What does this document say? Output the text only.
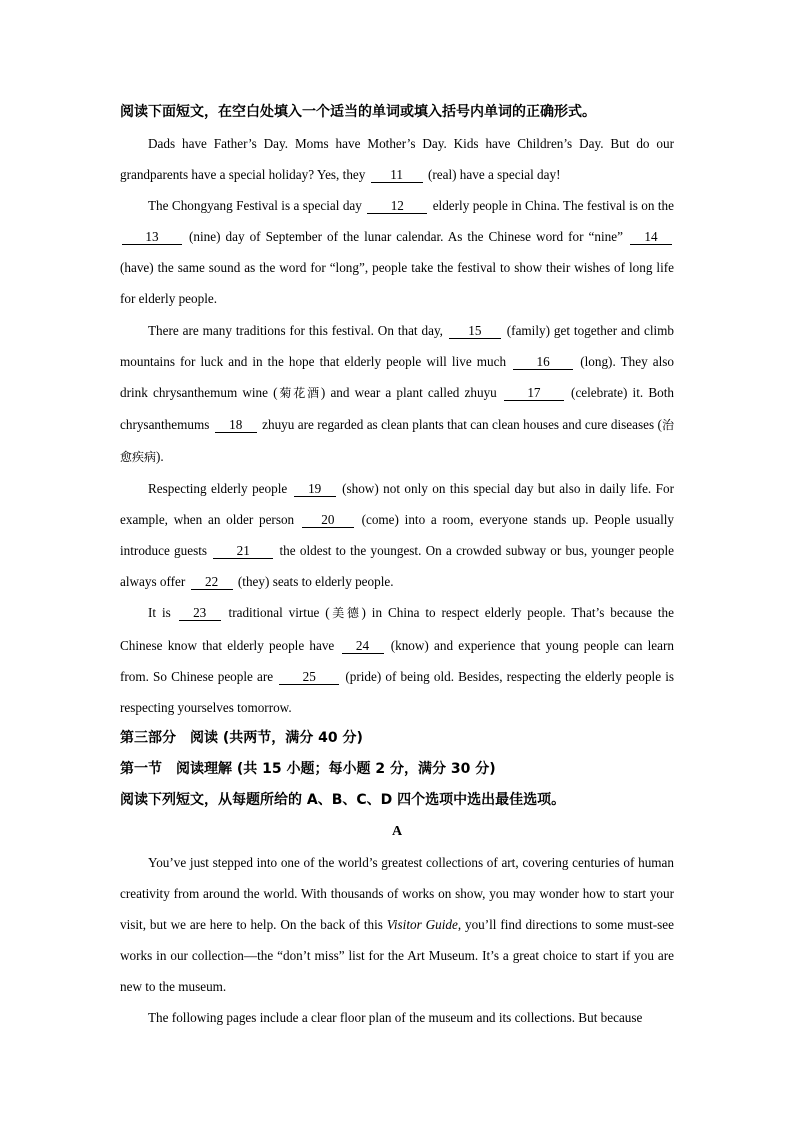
阅读下面短文，在空白处填入一个适当的单词或填入括号内单词的正确形式。

Dads have Father’s Day. Moms have Mother’s Day. Kids have Children’s Day. But do our grandparents have a special holiday? Yes, they 11 (real) have a special day!

The Chongyang Festival is a special day 12 elderly people in China. The festival is on the 13 (nine) day of September of the lunar calendar. As the Chinese word for “nine” 14 (have) the same sound as the word for “long”, people take the festival to show their wishes of long life for elderly people.

There are many traditions for this festival. On that day, 15 (family) get together and climb mountains for luck and in the hope that elderly people will live much 16 (long). They also drink chrysanthemum wine (菊花酒) and wear a plant called zhuyu 17 (celebrate) it. Both chrysanthemums 18 zhuyu are regarded as clean plants that can clean houses and cure diseases (治愈疾病).

Respecting elderly people 19 (show) not only on this special day but also in daily life. For example, when an older person 20 (come) into a room, everyone stands up. People usually introduce guests 21 the oldest to the youngest. On a crowded subway or bus, younger people always offer 22 (they) seats to elderly people.

It is 23 traditional virtue (美德) in China to respect elderly people. That’s because the Chinese know that elderly people have 24 (know) and experience that young people can learn from. So Chinese people are 25 (pride) of being old. Besides, respecting the elderly people is respecting yourselves tomorrow.

第三部分　阅读 (共两节，满分 40 分)

第一节　阅读理解 (共 15 小题；每小题 2 分，满分 30 分)

阅读下列短文，从每题所给的 A、B、C、D 四个选项中选出最佳选项。

A

You’ve just stepped into one of the world’s greatest collections of art, covering centuries of human creativity from around the world. With thousands of works on show, you may wonder how to start your visit, but we are here to help. On the back of this Visitor Guide, you’ll find directions to some must-see works in our collection—the “don’t miss” list for the Art Museum. It’s a great choice to start if you are new to the museum.

The following pages include a clear floor plan of the museum and its collections. But because
